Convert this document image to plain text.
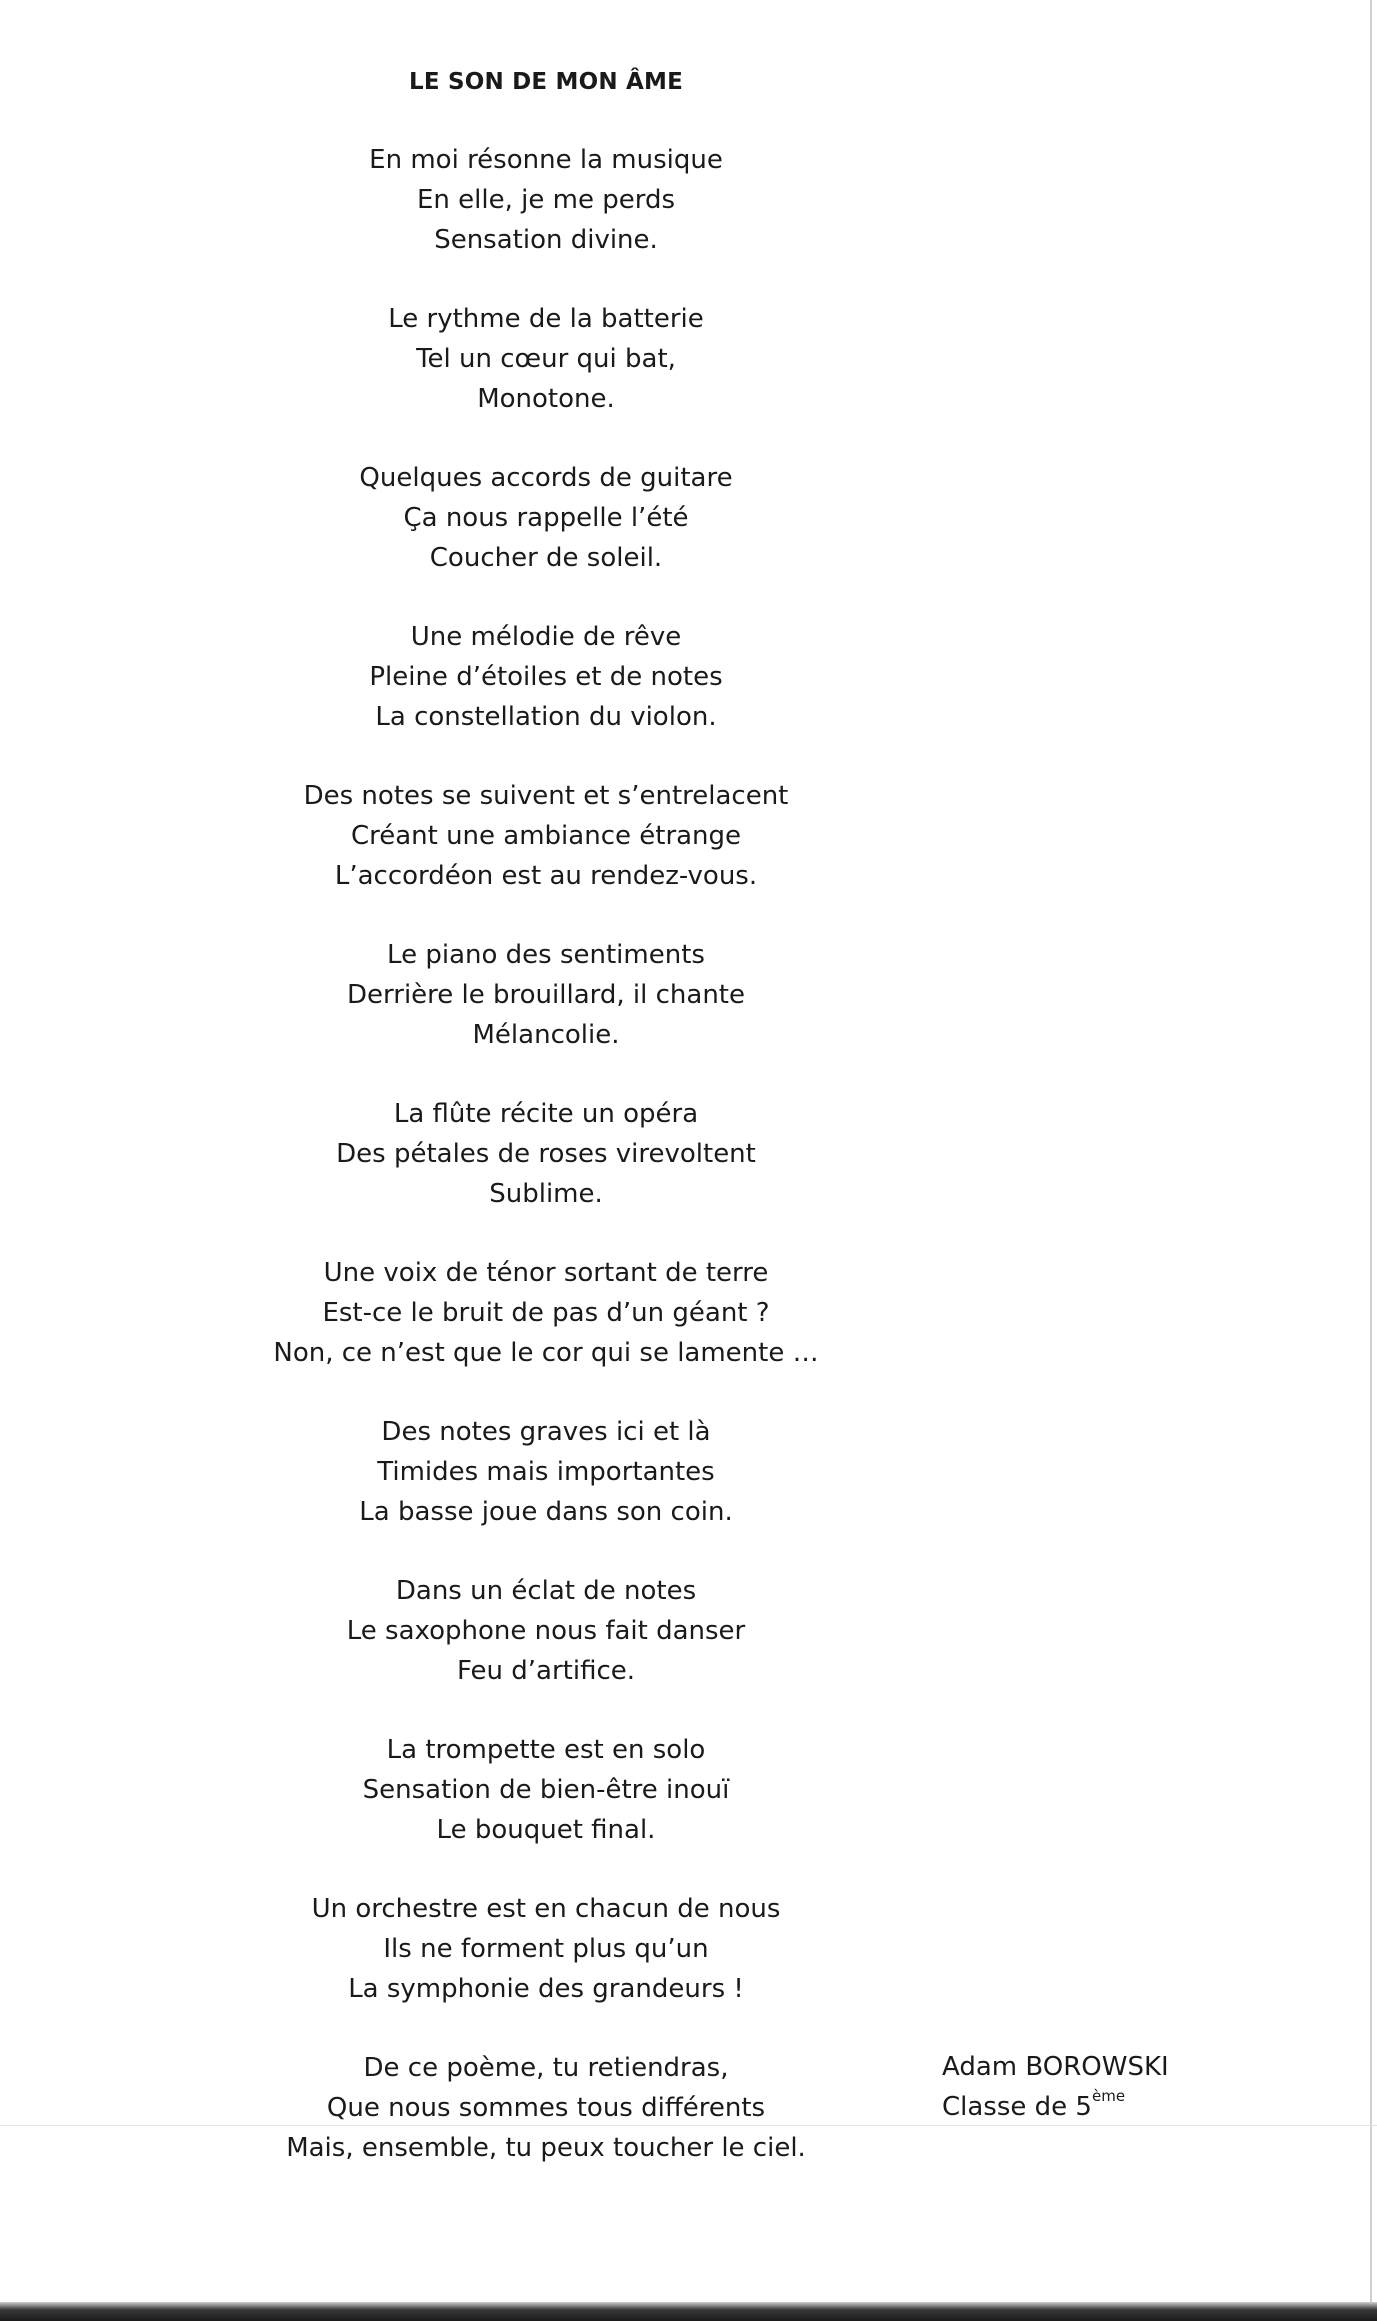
LE SON DE MON ÂME
En moi résonne la musique
En elle, je me perds
Sensation divine.
Le rythme de la batterie
Tel un cœur qui bat,
Monotone.
Quelques accords de guitare
Ça nous rappelle l’été
Coucher de soleil.
Une mélodie de rêve
Pleine d’étoiles et de notes
La constellation du violon.
Des notes se suivent et s’entrelacent
Créant une ambiance étrange
L’accordéon est au rendez-vous.
Le piano des sentiments
Derrière le brouillard, il chante
Mélancolie.
La flûte récite un opéra
Des pétales de roses virevoltent
Sublime.
Une voix de ténor sortant de terre
Est-ce le bruit de pas d’un géant ?
Non, ce n’est que le cor qui se lamente …
Des notes graves ici et là
Timides mais importantes
La basse joue dans son coin.
Dans un éclat de notes
Le saxophone nous fait danser
Feu d’artifice.
La trompette est en solo
Sensation de bien-être inouï
Le bouquet final.
Un orchestre est en chacun de nous
Ils ne forment plus qu’un
La symphonie des grandeurs !
De ce poème, tu retiendras,
Que nous sommes tous différents
Mais, ensemble, tu peux toucher le ciel.
Adam BOROWSKI
Classe de 5ème
